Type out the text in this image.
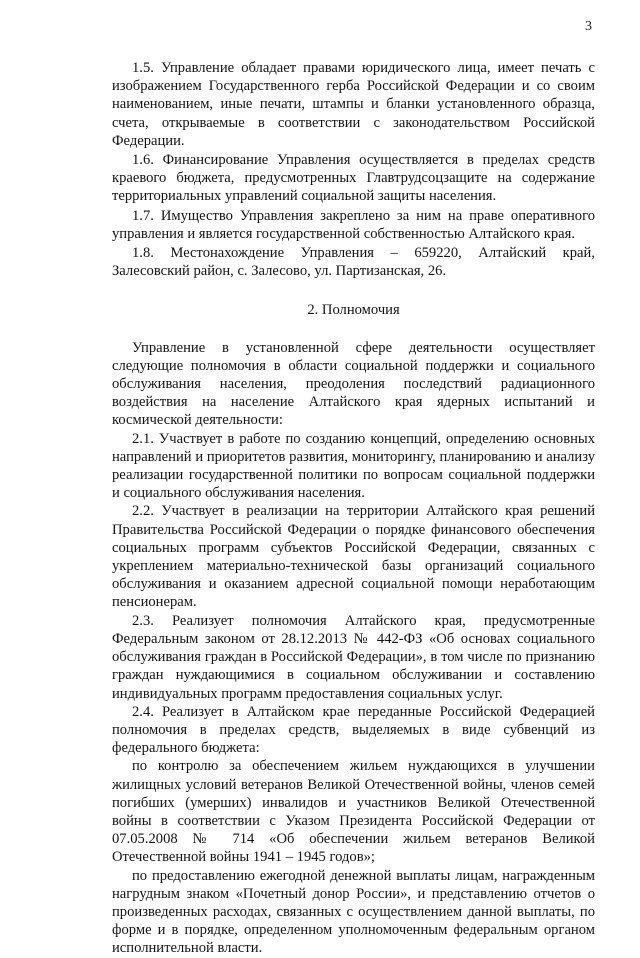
3

1.5. Управление обладает правами юридического лица, имеет печать с изображением Государственного герба Российской Федерации и со своим наименованием, иные печати, штампы и бланки установленного образца, счета, открываемые в соответствии с законодательством Российской Федерации.

1.6. Финансирование Управления осуществляется в пределах средств краевого бюджета, предусмотренных Главтрудсоцзащите на содержание территориальных управлений социальной защиты населения.

1.7. Имущество Управления закреплено за ним на праве оперативного управления и является государственной собственностью Алтайского края.

1.8. Местонахождение Управления – 659220, Алтайский край, Залесовский район, с. Залесово, ул. Партизанская, 26.

2. Полномочия

Управление в установленной сфере деятельности осуществляет следующие полномочия в области социальной поддержки и социального обслуживания населения, преодоления последствий радиационного воздействия на население Алтайского края ядерных испытаний и космической деятельности:

2.1. Участвует в работе по созданию концепций, определению основных направлений и приоритетов развития, мониторингу, планированию и анализу реализации государственной политики по вопросам социальной поддержки и социального обслуживания населения.

2.2. Участвует в реализации на территории Алтайского края решений Правительства Российской Федерации о порядке финансового обеспечения социальных программ субъектов Российской Федерации, связанных с укреплением материально-технической базы организаций социального обслуживания и оказанием адресной социальной помощи неработающим пенсионерам.

2.3. Реализует полномочия Алтайского края, предусмотренные Федеральным законом от 28.12.2013 № 442-ФЗ «Об основах социального обслуживания граждан в Российской Федерации», в том числе по признанию граждан нуждающимися в социальном обслуживании и составлению индивидуальных программ предоставления социальных услуг.

2.4. Реализует в Алтайском крае переданные Российской Федерацией полномочия в пределах средств, выделяемых в виде субвенций из федерального бюджета:

по контролю за обеспечением жильем нуждающихся в улучшении жилищных условий ветеранов Великой Отечественной войны, членов семей погибших (умерших) инвалидов и участников Великой Отечественной войны в соответствии с Указом Президента Российской Федерации от 07.05.2008 № 714 «Об обеспечении жильем ветеранов Великой Отечественной войны 1941 – 1945 годов»;

по предоставлению ежегодной денежной выплаты лицам, награжденным нагрудным знаком «Почетный донор России», и представлению отчетов о произведенных расходах, связанных с осуществлением данной выплаты, по форме и в порядке, определенном уполномоченным федеральным органом исполнительной власти.
